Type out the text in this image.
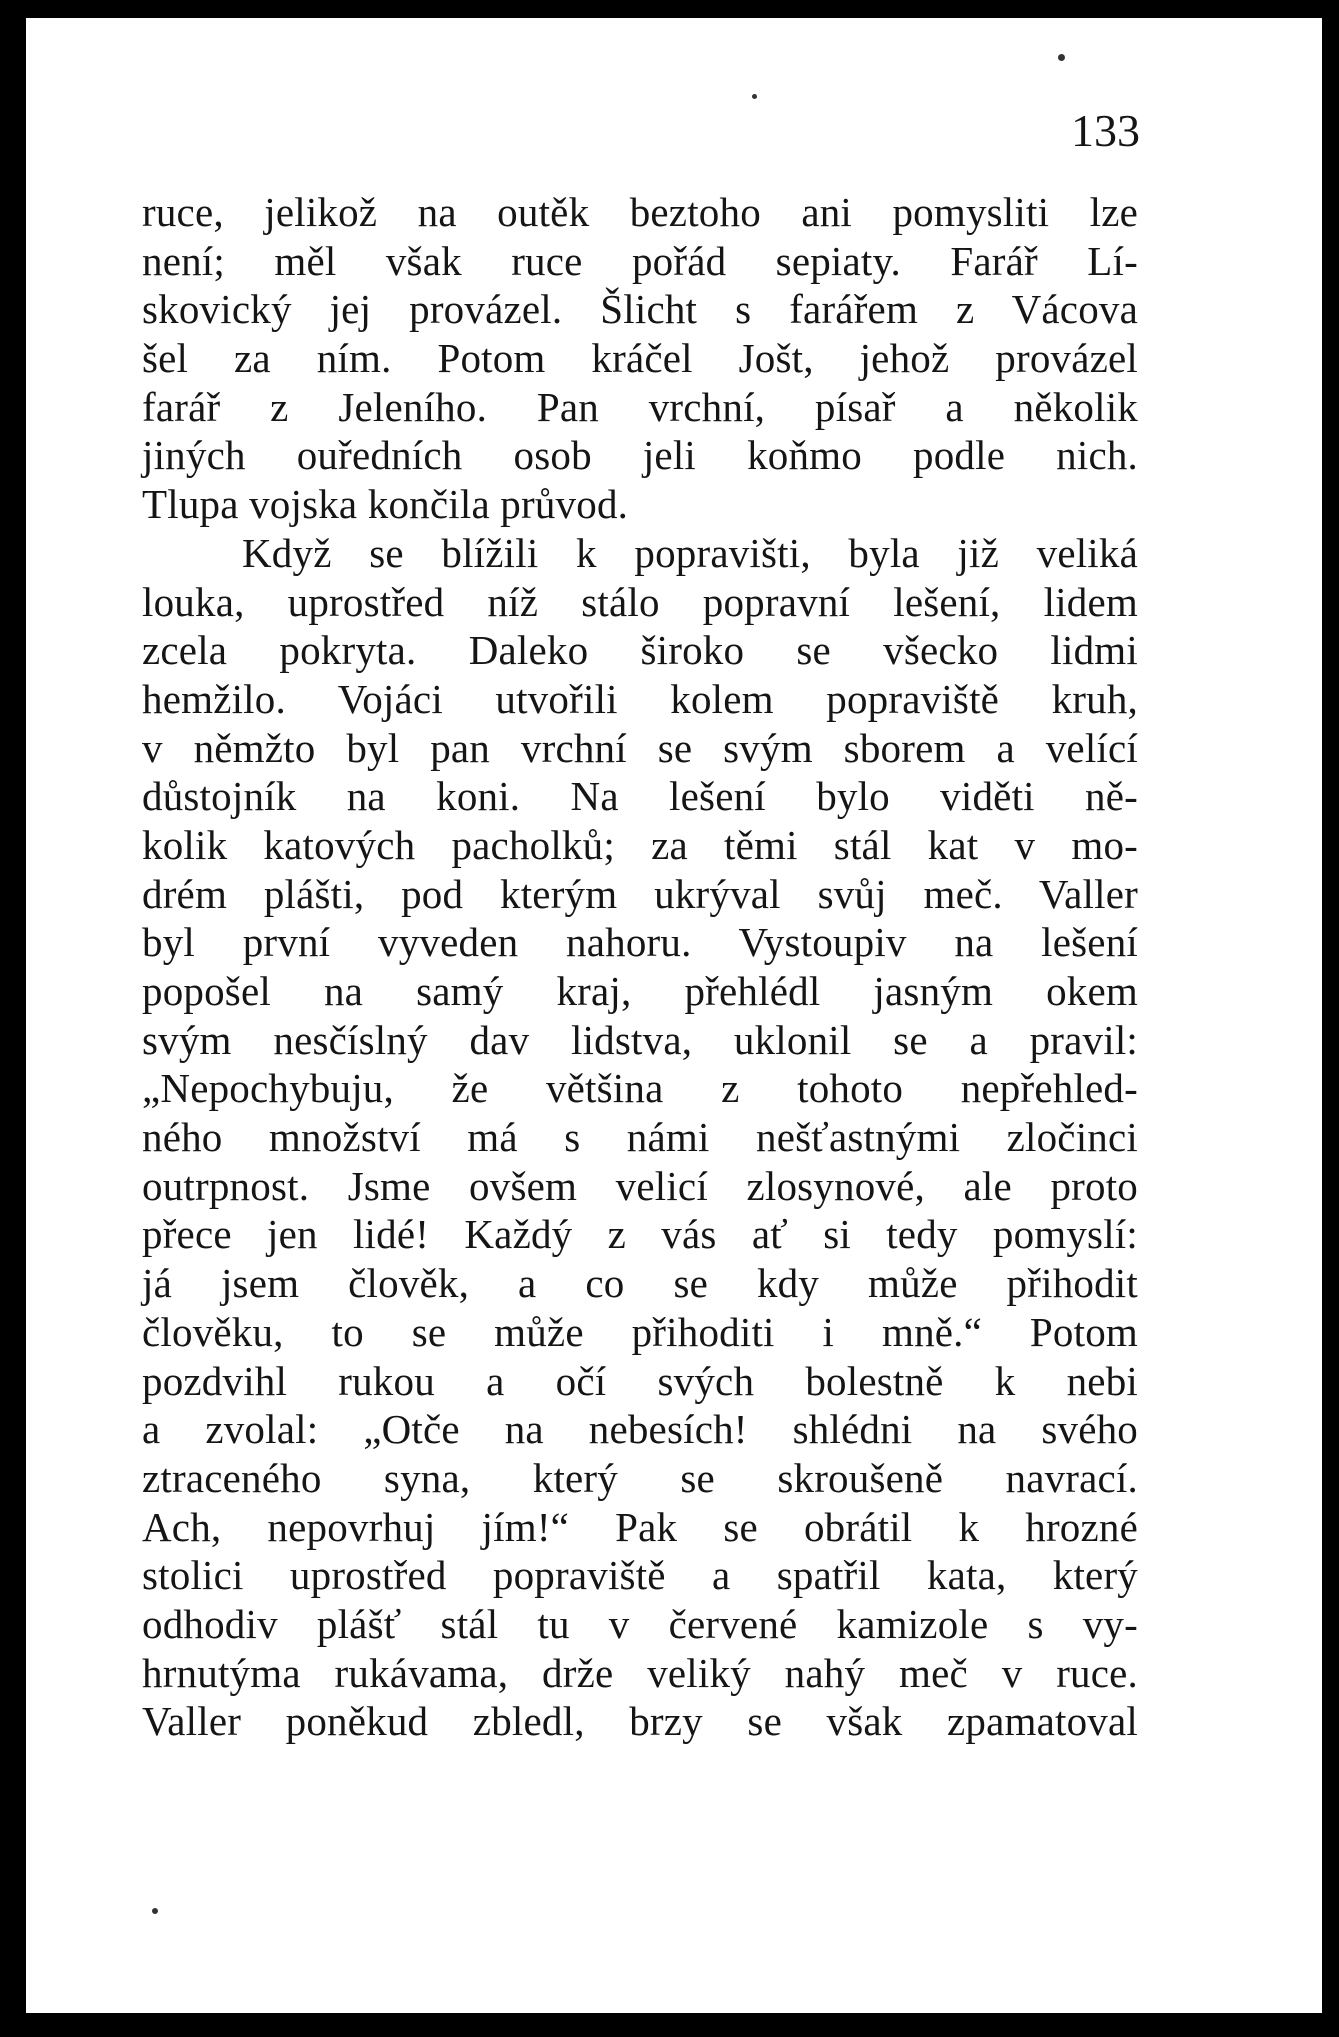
133
ruce, jelikož na outěk beztoho ani pomysliti lze
není; měl však ruce pořád sepiaty. Farář Lí-
skovický jej provázel. Šlicht s farářem z Vácova
šel za ním. Potom kráčel Jošt, jehož provázel
farář z Jeleního. Pan vrchní, písař a několik
jiných ouředních osob jeli koňmo podle nich.
Tlupa vojska končila průvod.
Když se blížili k popravišti, byla již veliká
louka, uprostřed níž stálo popravní lešení, lidem
zcela pokryta. Daleko široko se všecko lidmi
hemžilo. Vojáci utvořili kolem popraviště kruh,
v němžto byl pan vrchní se svým sborem a velící
důstojník na koni. Na lešení bylo viděti ně-
kolik katových pacholků; za těmi stál kat v mo-
drém plášti, pod kterým ukrýval svůj meč. Valler
byl první vyveden nahoru. Vystoupiv na lešení
popošel na samý kraj, přehlédl jasným okem
svým nesčíslný dav lidstva, uklonil se a pravil:
„Nepochybuju, že většina z tohoto nepřehled-
ného množství má s námi nešťastnými zločinci
outrpnost. Jsme ovšem velicí zlosynové, ale proto
přece jen lidé! Každý z vás ať si tedy pomyslí:
já jsem člověk, a co se kdy může přihodit
člověku, to se může přihoditi i mně.“ Potom
pozdvihl rukou a očí svých bolestně k nebi
a zvolal: „Otče na nebesích! shlédni na svého
ztraceného syna, který se skroušeně navrací.
Ach, nepovrhuj jím!“ Pak se obrátil k hrozné
stolici uprostřed popraviště a spatřil kata, který
odhodiv plášť stál tu v červené kamizole s vy-
hrnutýma rukávama, drže veliký nahý meč v ruce.
Valler poněkud zbledl, brzy se však zpamatoval
